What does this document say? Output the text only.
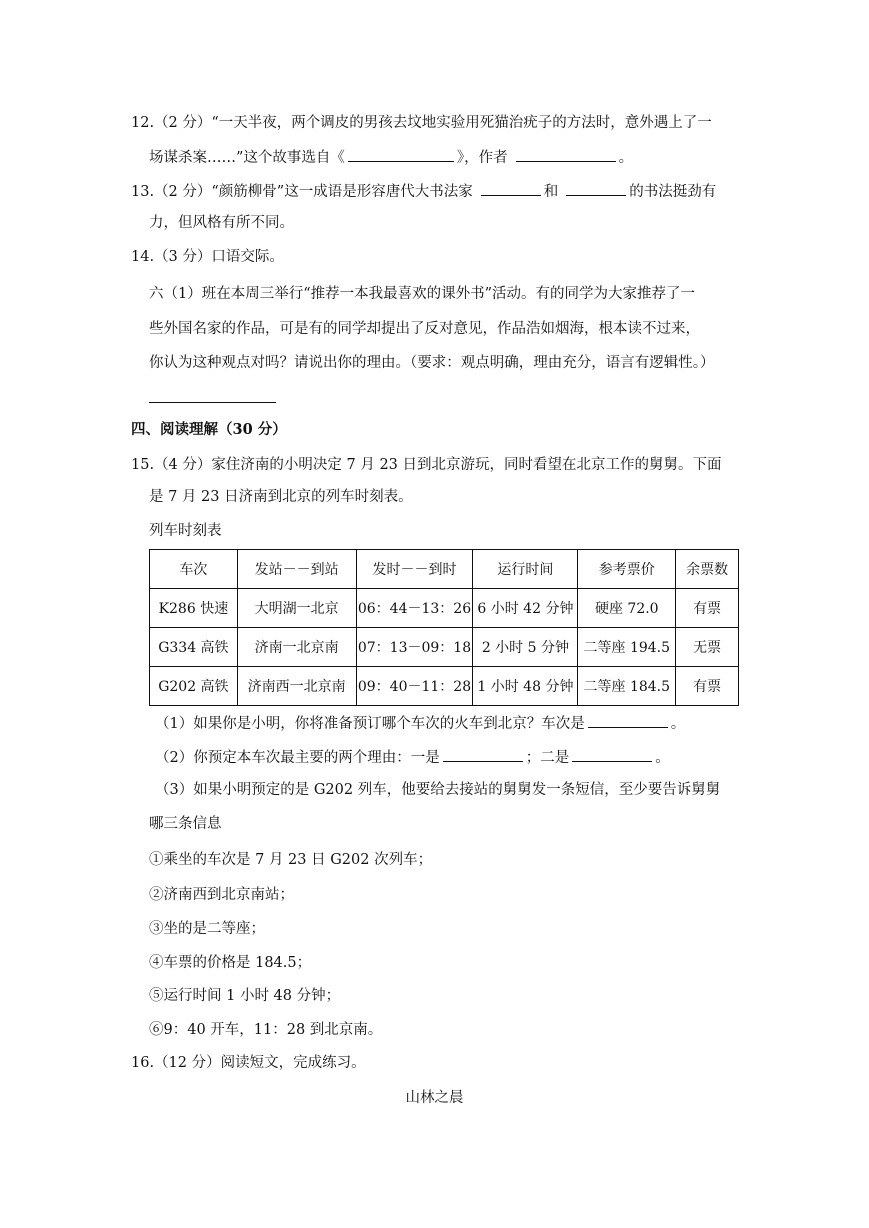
12.（2 分）“一天半夜，两个调皮的男孩去坟地实验用死猫治疣子的方法时，意外遇上了一
场谋杀案……”这个故事选自《	》，作者	。
13.（2 分）“颜筋柳骨”这一成语是形容唐代大书法家	和	的书法挺劲有
力，但风格有所不同。
14.（3 分）口语交际。
六（1）班在本周三举行“推荐一本我最喜欢的课外书”活动。有的同学为大家推荐了一
些外国名家的作品，可是有的同学却提出了反对意见，作品浩如烟海，根本读不过来，
你认为这种观点对吗？请说出你的理由。（要求：观点明确，理由充分，语言有逻辑性。）
四、阅读理解（30 分）
15.（4 分）家住济南的小明决定 7 月 23 日到北京游玩，同时看望在北京工作的舅舅。下面
是 7 月 23 日济南到北京的列车时刻表。
列车时刻表
车次	发站－－到站	发时－－到时	运行时间	参考票价	余票数
K286 快速	大明湖一北京	06：44－13：26	6 小时 42 分钟	硬座 72.0	有票
G334 高铁	济南一北京南	07：13－09：18	2 小时 5 分钟	二等座 194.5	无票
G202 高铁	济南西一北京南	09：40－11：28	1 小时 48 分钟	二等座 184.5	有票
（1）如果你是小明，你将准备预订哪个车次的火车到北京？车次是	。
（2）你预定本车次最主要的两个理由：一是	；二是	。
（3）如果小明预定的是 G202 列车，他要给去接站的舅舅发一条短信，至少要告诉舅舅
哪三条信息
①乘坐的车次是 7 月 23 日 G202 次列车；
②济南西到北京南站；
③坐的是二等座；
④车票的价格是 184.5；
⑤运行时间 1 小时 48 分钟；
⑥9：40 开车，11：28 到北京南。
16.（12 分）阅读短文，完成练习。
山林之晨
